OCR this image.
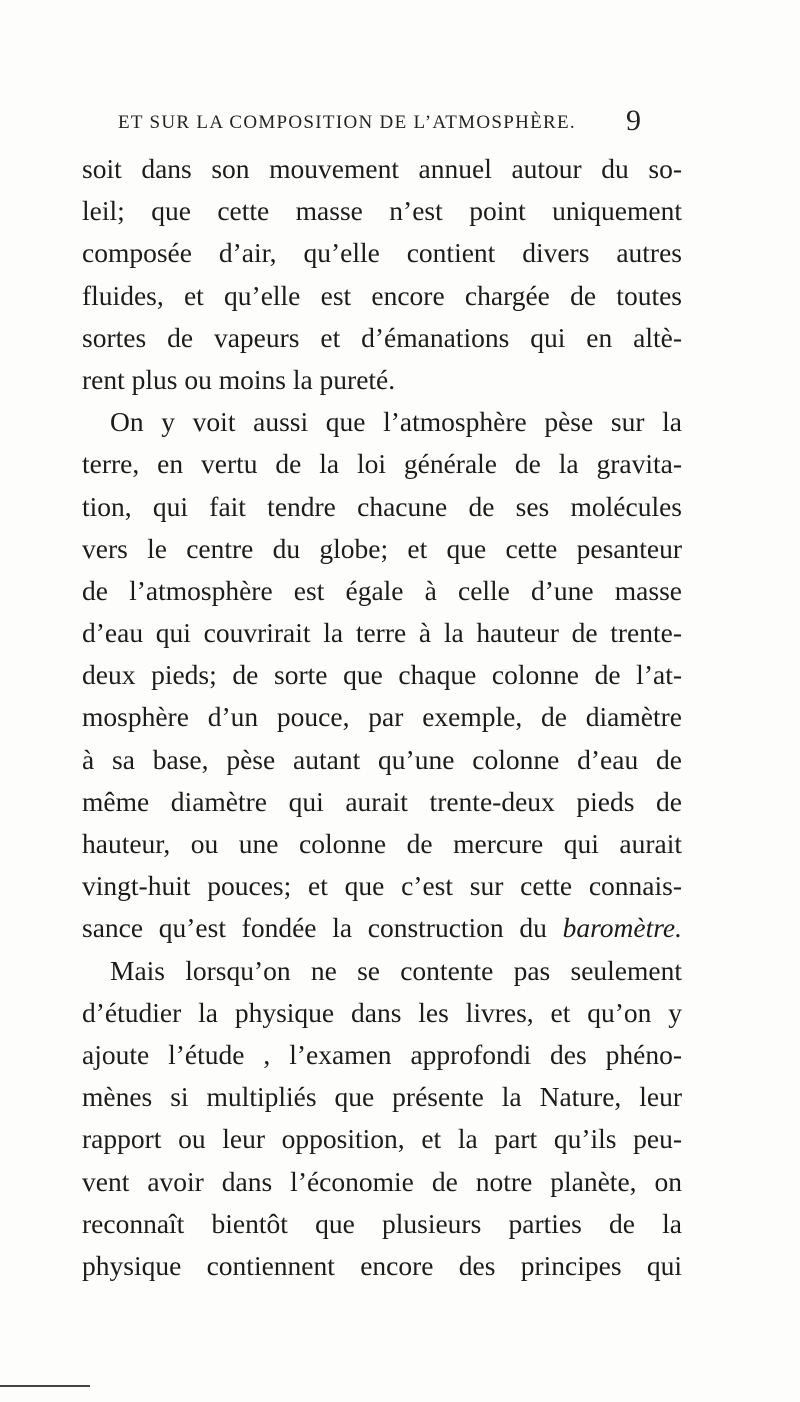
ET SUR LA COMPOSITION DE L’ATMOSPHÈRE.	9
soit dans son mouvement annuel autour du so-
leil; que cette masse n’est point uniquement
composée d’air, qu’elle contient divers autres
fluides, et qu’elle est encore chargée de toutes
sortes de vapeurs et d’émanations qui en altè-
rent plus ou moins la pureté.
On y voit aussi que l’atmosphère pèse sur la
terre, en vertu de la loi générale de la gravita-
tion, qui fait tendre chacune de ses molécules
vers le centre du globe; et que cette pesanteur
de l’atmosphère est égale à celle d’une masse
d’eau qui couvrirait la terre à la hauteur de trente-
deux pieds; de sorte que chaque colonne de l’at-
mosphère d’un pouce, par exemple, de diamètre
à sa base, pèse autant qu’une colonne d’eau de
même diamètre qui aurait trente-deux pieds de
hauteur, ou une colonne de mercure qui aurait
vingt-huit pouces; et que c’est sur cette connais-
sance qu’est fondée la construction du baromètre.
Mais lorsqu’on ne se contente pas seulement
d’étudier la physique dans les livres, et qu’on y
ajoute l’étude , l’examen approfondi des phéno-
mènes si multipliés que présente la Nature, leur
rapport ou leur opposition, et la part qu’ils peu-
vent avoir dans l’économie de notre planète, on
reconnaît bientôt que plusieurs parties de la
physique contiennent encore des principes qui
